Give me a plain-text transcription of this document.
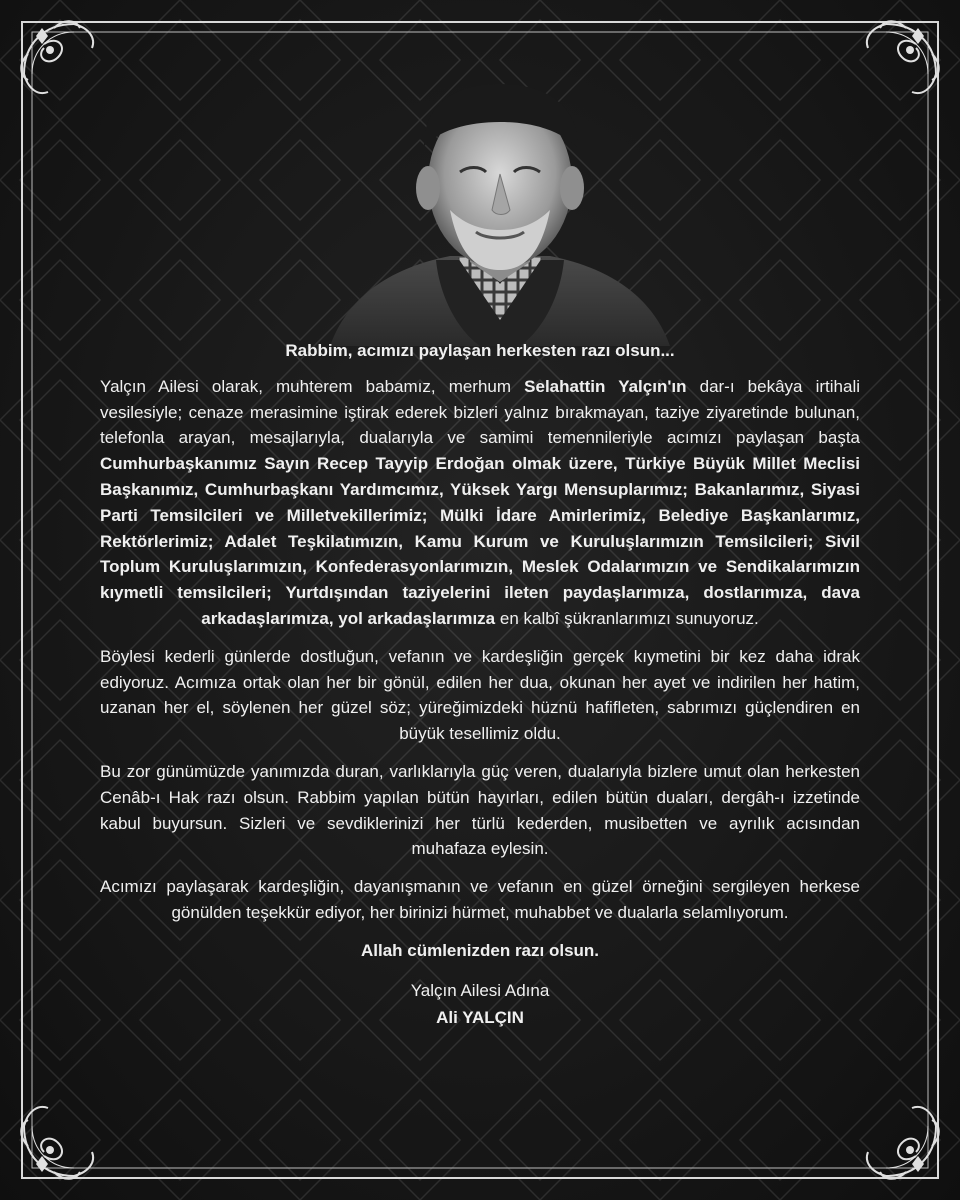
Rabbim, acımızı paylaşan herkesten razı olsun...

Yalçın Ailesi olarak, muhterem babamız, merhum Selahattin Yalçın'ın dar-ı bekâya irtihali vesilesiyle; cenaze merasimine iştirak ederek bizleri yalnız bırakmayan, taziye ziyaretinde bulunan, telefonla arayan, mesajlarıyla, dualarıyla ve samimi temennileriyle acımızı paylaşan başta Cumhurbaşkanımız Sayın Recep Tayyip Erdoğan olmak üzere, Türkiye Büyük Millet Meclisi Başkanımız, Cumhurbaşkanı Yardımcımız, Yüksek Yargı Mensuplarımız; Bakanlarımız, Siyasi Parti Temsilcileri ve Milletvekillerimiz; Mülki İdare Amirlerimiz, Belediye Başkanlarımız, Rektörlerimiz; Adalet Teşkilatımızın, Kamu Kurum ve Kuruluşlarımızın Temsilcileri; Sivil Toplum Kuruluşlarımızın, Konfederasyonlarımızın, Meslek Odalarımızın ve Sendikalarımızın kıymetli temsilcileri; Yurtdışından taziyelerini ileten paydaşlarımıza, dostlarımıza, dava arkadaşlarımıza, yol arkadaşlarımıza en kalbî şükranlarımızı sunuyoruz.

Böylesi kederli günlerde dostluğun, vefanın ve kardeşliğin gerçek kıymetini bir kez daha idrak ediyoruz. Acımıza ortak olan her bir gönül, edilen her dua, okunan her ayet ve indirilen her hatim, uzanan her el, söylenen her güzel söz; yüreğimizdeki hüznü hafifleten, sabrımızı güçlendiren en büyük tesellimiz oldu.

Bu zor günümüzde yanımızda duran, varlıklarıyla güç veren, dualarıyla bizlere umut olan herkesten Cenâb-ı Hak razı olsun. Rabbim yapılan bütün hayırları, edilen bütün duaları, dergâh-ı izzetinde kabul buyursun. Sizleri ve sevdiklerinizi her türlü kederden, musibetten ve ayrılık acısından muhafaza eylesin.

Acımızı paylaşarak kardeşliğin, dayanışmanın ve vefanın en güzel örneğini sergileyen herkese gönülden teşekkür ediyor, her birinizi hürmet, muhabbet ve dualarla selamlıyorum.

Allah cümlenizden razı olsun.

Yalçın Ailesi Adına

Ali YALÇIN
